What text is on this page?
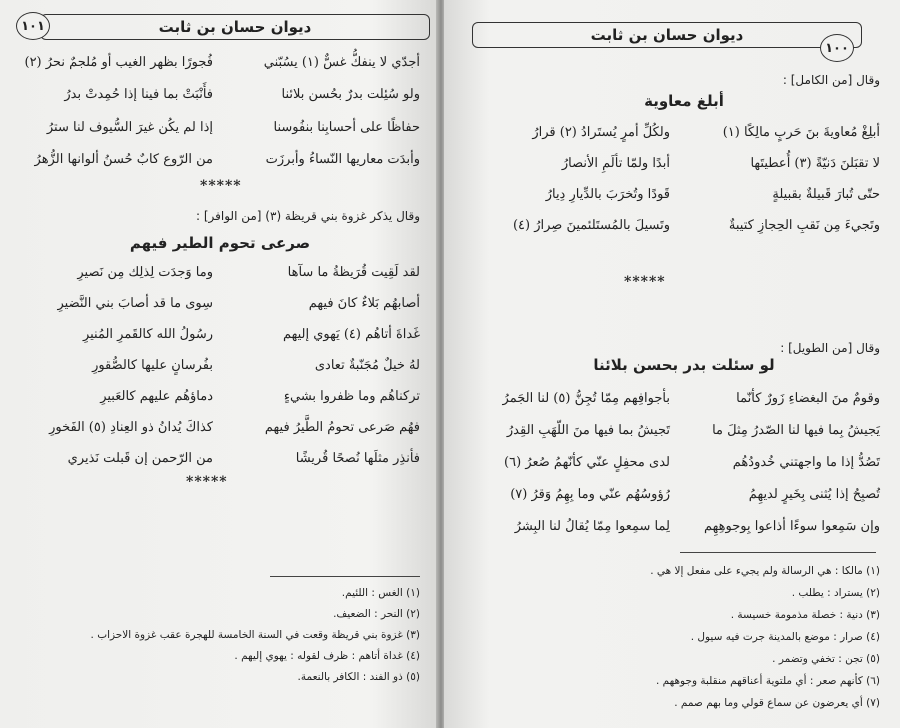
ديوان حسان بن ثابت
١٠١
أجدّي لا ينفكُّ غسٌّ (١) يسُبّني
فُجورًا بظهر الغيب أو مُلجمٌ نحرُ (٢)
ولو سُئِلت بدرٌ بحُسن بلائنا
فأَنْبَتْ بما فينا إذا حُمِدتْ بدرُ
حفاظًا على أحسابِنا بنفُوسنا
إذا لم يكُن غيرَ السُّيوف لنا سترُ
وأبدَت معاريها النّساءُ وأبرزَت
من الرّوع كابٌ حُسنُ ألوانها الزُّهرُ
*****
وقال يذكر غزوة بني قريظة (٣) [من الوافر] :
صرعى تحوم الطير فيهم
لقد لَقِيت قُرَيظةُ ما سآها
وما وَجدَت لِذلِك مِن نَصيرِ
أصابهُم بَلاءٌ كانَ فيهم
سِوى ما قد أصابَ بني النَّضيرِ
غَداةَ أتاهُم (٤) يَهوي إليهم
رسُولُ الله كالقَمرِ المُنيرِ
لهُ خيلٌ مُجَنّبةٌ تعادى
بفُرسانٍ عليها كالصُّقورِ
تركناهُم وما ظفروا بشيءٍ
دماؤهُم عليهم كالعَبيرِ
فهُم صَرعى تحومُ الطَّيرُ فيهم
كذاكَ يُدانُ ذو العِنادِ (٥) الفَخورِ
فأنذِر مثلَها نُصحًا قُريشًا
من الرّحمن إن قَبلت نَذيري
*****
(١) الغس : اللئيم.
(٢) النحر : الضعيف.
(٣) غزوة بني قريظة وقعت في السنة الخامسة للهجرة عقب غزوة الاحزاب .
(٤) غداة أتاهم : ظرف لقوله : يهوي إليهم .
(٥) ذو الفند : الكافر بالنعمة.
ديوان حسان بن ثابت
١٠٠
وقال [من الكامل] :
أبلغ معاوية
أبلِغْ مُعاويةَ بنَ حَربٍ مالِكًا (١)
ولكُلِّ أمرٍ يُستَرادُ (٢) قرارُ
لا تقبَلنَ دَنيّةً (٣) أُعطيتَها
أبدًا ولمّا تألَمِ الأنصارُ
حتّى تُبارَ قَبيلةٌ بقبيلةٍ
قَودًا وتُخرَبَ بالدِّيارِ دِيارُ
وتَجيءَ مِن نَقبِ الحِجازِ كتيبةٌ
وتَسيلَ بالمُستَلئمينَ صِرارُ (٤)
*****
وقال [من الطويل] :
لو سئلت بدر بحسن بلائنا
وقومٌ منَ البغضاءِ زَورٌ كأنّما
بأجوافِهم مِمّا تُجِنُّ (٥) لنا الجَمرُ
يَجيشُ بِما فيها لنا الصّدرُ مِثلَ ما
تَجيشُ بما فيها منَ اللّهَبِ القِدرُ
تَصُدُّ إذا ما واجهتني خُدودُهُم
لدى محفِلٍ عنّي كأنّهمُ صُعرُ (٦)
تُصبِحُ إذا يُثنى بِخَيرٍ لديهِمُ
رُؤوسُهُم عنّي وما بِهِمُ وَقرُ (٧)
وإن سَمِعوا سوءًا أذاعوا بِوجوهِهِم
لِما سمِعوا مِمّا يُقالُ لنا البِشرُ
(١) مالكا : هي الرسالة ولم يجيء على مفعل إلا هي .
(٢) يستراد : يطلب .
(٣) دنية : خصلة مذمومة خسيسة .
(٤) صرار : موضع بالمدينة جرت فيه سيول .
(٥) تجن : تخفي وتضمر .
(٦) كأنهم صعر : أي ملتوية أعناقهم منقلبة وجوههم .
(٧) أي يعرضون عن سماع قولي وما بهم صمم .
